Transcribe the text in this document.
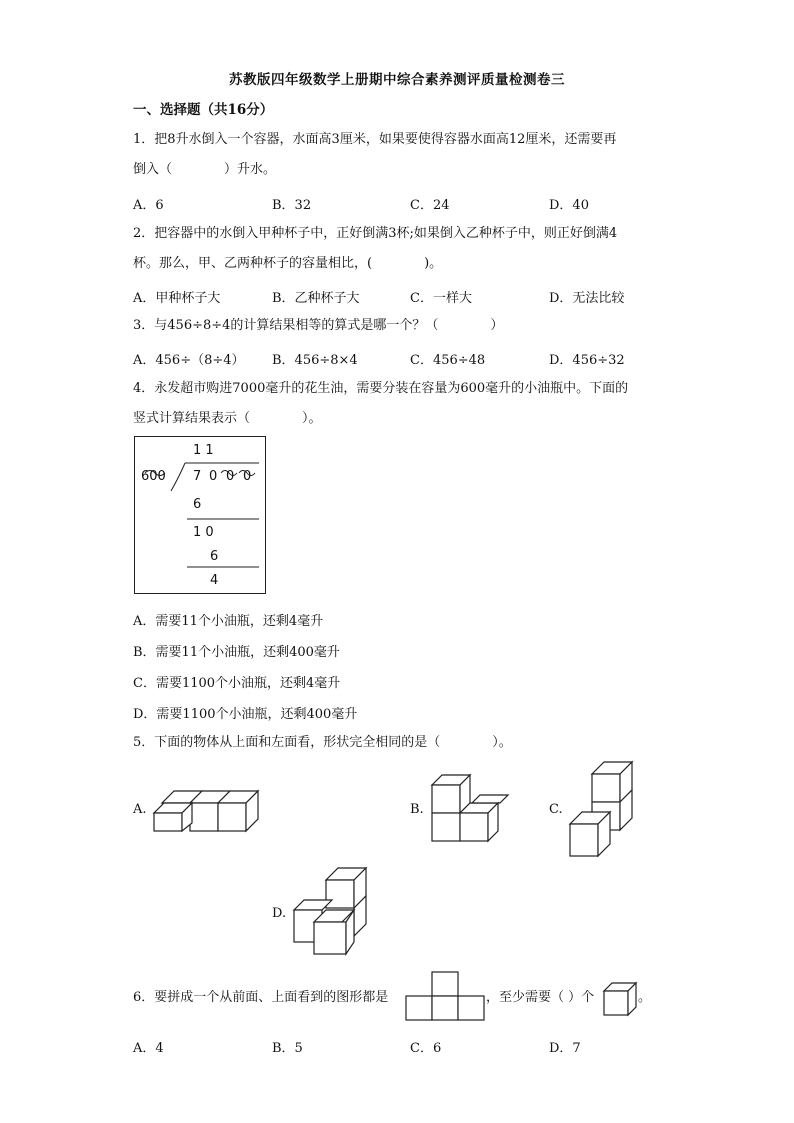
苏教版四年级数学上册期中综合素养测评质量检测卷三
一、选择题（共16分）
1．把8升水倒入一个容器，水面高3厘米，如果要使得容器水面高12厘米，还需要再
倒入（　　　　）升水。
A．6	B．32	C．24	D．40
2．把容器中的水倒入甲种杯子中，正好倒满3杯;如果倒入乙种杯子中，则正好倒满4
杯。那么，甲、乙两种杯子的容量相比，(　　　　)。
A．甲种杯子大	B．乙种杯子大	C．一样大	D．无法比较
3．与456÷8÷4的计算结果相等的算式是哪一个？（　　　　）
A．456÷（8÷4） B．456÷8×4	C．456÷48	D．456÷32
4．永发超市购进7000毫升的花生油，需要分装在容量为600毫升的小油瓶中。下面的
竖式计算结果表示（　　　　）。
1 1
600 7 0 0 0
6
1 0
6
4
A．需要11个小油瓶，还剩4毫升
B．需要11个小油瓶，还剩400毫升
C．需要1100个小油瓶，还剩4毫升
D．需要1100个小油瓶，还剩400毫升
5．下面的物体从上面和左面看，形状完全相同的是（　　　　）。
A.	B.	C.
D.
6．要拼成一个从前面、上面看到的图形都是	，至少需要（ ）个	。
A．4	B．5	C．6	D．7
